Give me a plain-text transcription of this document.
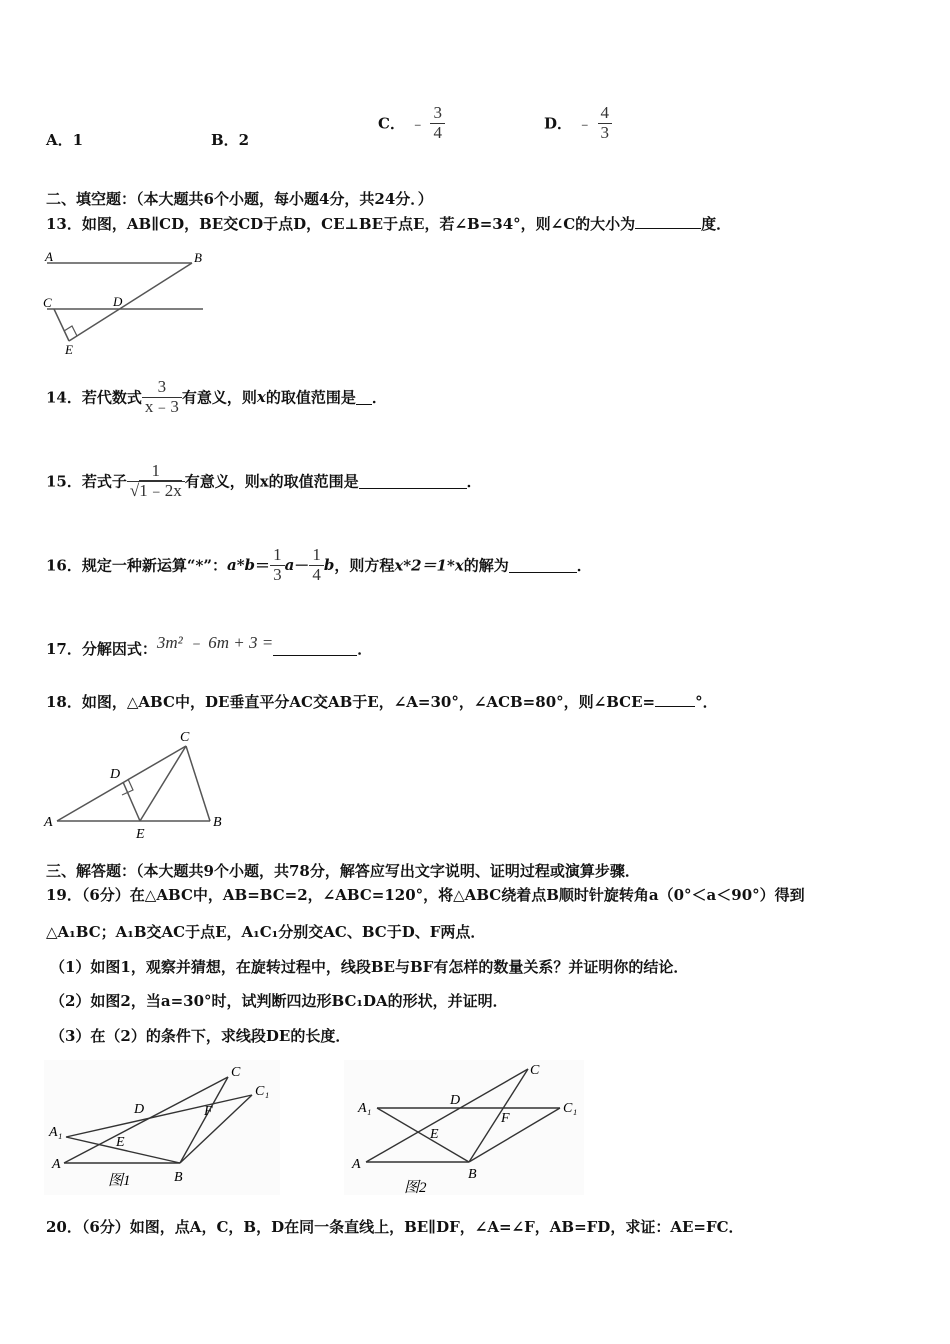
A．1	B．2
C． ﹣ $\frac{3}{4}$	D． ﹣ $\frac{4}{3}$
二、填空题：（本大题共6个小题，每小题4分，共24分．）
13．如图，AB∥CD，BE交CD于点D，CE⊥BE于点E，若∠B=34°，则∠C的大小为	度．
A	B
C	D
E
14．若代数式 $\frac{3}{x﹣3}$ 有意义，则x的取值范围是 ．
15．若式子 $\frac{1}{√1﹣2x}$ 有意义，则x的取值范围是	．
16．规定一种新运算“*”：$a*b= \frac{1}{3} a- \frac{1}{4}$ b，则方程x*2＝1*x的解为	．
17．分解因式：3m² ﹣ 6m + 3 =	．
18．如图，△ABC中，DE垂直平分AC交AB于E，∠A=30°，∠ACB=80°，则∠BCE=	°．
A	B
C
D
E
三、解答题：（本大题共9个小题，共78分，解答应写出文字说明、证明过程或演算步骤．
19．（6分）在△ABC中，AB=BC=2，∠ABC=120°，将△ABC绕着点B顺时针旋转角a（0°＜a＜90°）得到
△A₁BC；A₁B交AC于点E，A₁C₁分别交AC、BC于D、F两点．
（1）如图1，观察并猜想，在旋转过程中，线段BE与BF有怎样的数量关系？并证明你的结论．
（2）如图2，当a=30°时，试判断四边形BC₁DA的形状，并证明．
（3）在（2）的条件下，求线段DE的长度．
A
A₁
B
C
C₁
D
E
F
图1
A
A₁
B
C
C₁
D
E
F
图2
20．（6分）如图，点A，C，B，D在同一条直线上，BE∥DF，∠A=∠F，AB=FD，求证：AE=FC．
